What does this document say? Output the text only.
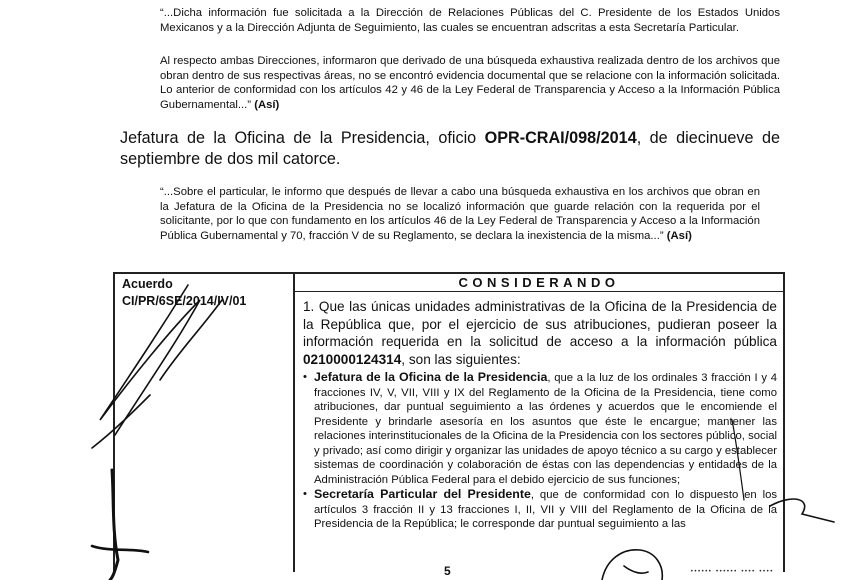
“...Dicha información fue solicitada a la Dirección de Relaciones Públicas del C. Presidente de los Estados Unidos Mexicanos y a la Dirección Adjunta de Seguimiento, las cuales se encuentran adscritas a esta Secretaría Particular.

Al respecto ambas Direcciones, informaron que derivado de una búsqueda exhaustiva realizada dentro de los archivos que obran dentro de sus respectivas áreas, no se encontró evidencia documental que se relacione con la información solicitada. Lo anterior de conformidad con los artículos 42 y 46 de la Ley Federal de Transparencia y Acceso a la Información Pública Gubernamental...” (Así)

Jefatura de la Oficina de la Presidencia, oficio OPR-CRAI/098/2014, de diecinueve de septiembre de dos mil catorce.

“...Sobre el particular, le informo que después de llevar a cabo una búsqueda exhaustiva en los archivos que obran en la Jefatura de la Oficina de la Presidencia no se localizó información que guarde relación con la requerida por el solicitante, por lo que con fundamento en los artículos 46 de la Ley Federal de Transparencia y Acceso a la Información Pública Gubernamental y 70, fracción V de su Reglamento, se declara la inexistencia de la misma...” (Así)

Acuerdo
CI/PR/6SE/2014/IV/01
CONSIDERANDO

1. Que las únicas unidades administrativas de la Oficina de la Presidencia de la República que, por el ejercicio de sus atribuciones, pudieran poseer la información requerida en la solicitud de acceso a la información pública 0210000124314, son las siguientes:

• Jefatura de la Oficina de la Presidencia, que a la luz de los ordinales 3 fracción I y 4 fracciones IV, V, VII, VIII y IX del Reglamento de la Oficina de la Presidencia, tiene como atribuciones, dar puntual seguimiento a las órdenes y acuerdos que le encomiende el Presidente y brindarle asesoría en los asuntos que éste le encargue; mantener las relaciones interinstitucionales de la Oficina de la Presidencia con los sectores público, social y privado; así como dirigir y organizar las unidades de apoyo técnico a su cargo y establecer sistemas de coordinación y colaboración de éstas con las dependencias y entidades de la Administración Pública Federal para el debido ejercicio de sus funciones;
• Secretaría Particular del Presidente, que de conformidad con lo dispuesto en los artículos 3 fracción II y 13 fracciones I, II, VII y VIII del Reglamento de la Oficina de la Presidencia de la República; le corresponde dar puntual seguimiento a las
5	•••••• •••••• •••• ••••
